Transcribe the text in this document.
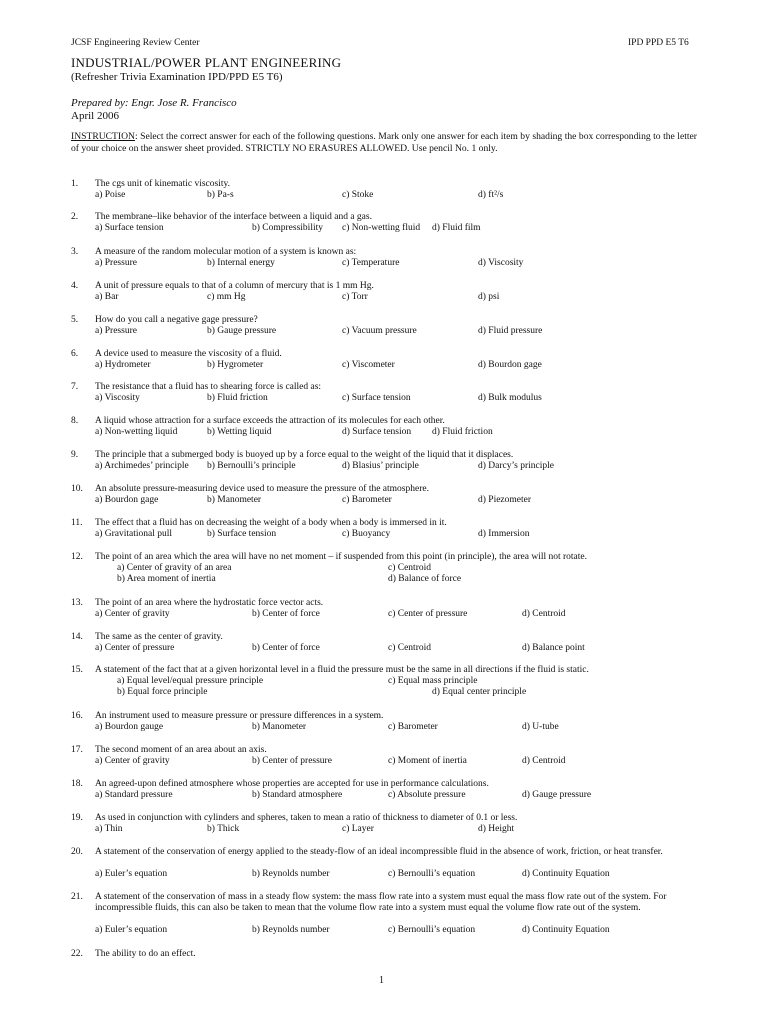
JCSF Engineering Review Center	IPD PPD E5 T6
INDUSTRIAL/POWER PLANT ENGINEERING
(Refresher Trivia Examination IPD/PPD E5 T6)
Prepared by: Engr. Jose R. Francisco
April 2006
INSTRUCTION: Select the correct answer for each of the following questions. Mark only one answer for each item by shading the box corresponding to the letter of your choice on the answer sheet provided. STRICTLY NO ERASURES ALLOWED. Use pencil No. 1 only.
1. The cgs unit of kinematic viscosity.
a) Poise	b) Pa-s	c) Stoke	d) ft²/s
2. The membrane–like behavior of the interface between a liquid and a gas.
a) Surface tension	b) Compressibility c) Non-wetting fluid d) Fluid film
3. A measure of the random molecular motion of a system is known as:
a) Pressure	b) Internal energy	c) Temperature	d) Viscosity
4. A unit of pressure equals to that of a column of mercury that is 1 mm Hg.
a) Bar	c) mm Hg	c) Torr	d) psi
5. How do you call a negative gage pressure?
a) Pressure	b) Gauge pressure	c) Vacuum pressure	d) Fluid pressure
6. A device used to measure the viscosity of a fluid.
a) Hydrometer	b) Hygrometer	c) Viscometer	d) Bourdon gage
7. The resistance that a fluid has to shearing force is called as:
a) Viscosity	b) Fluid friction	c) Surface tension	d) Bulk modulus
8. A liquid whose attraction for a surface exceeds the attraction of its molecules for each other.
a) Non-wetting liquid	b) Wetting liquid	d) Surface tension d) Fluid friction
9. The principle that a submerged body is buoyed up by a force equal to the weight of the liquid that it displaces.
a) Archimedes’ principle b) Bernoulli’s principle	d) Blasius’ principle	d) Darcy’s principle
10. An absolute pressure-measuring device used to measure the pressure of the atmosphere.
a) Bourdon gage	b) Manometer	c) Barometer	d) Piezometer
11. The effect that a fluid has on decreasing the weight of a body when a body is immersed in it.
a) Gravitational pull	b) Surface tension	c) Buoyancy	d) Immersion
12. The point of an area which the area will have no net moment – if suspended from this point (in principle), the area will not rotate.
a) Center of gravity of an area
b) Area moment of inertia
c) Centroid
d) Balance of force
13. The point of an area where the hydrostatic force vector acts.
a) Center of gravity	b) Center of force	c) Center of pressure	d) Centroid
14. The same as the center of gravity.
a) Center of pressure	b) Center of force	c) Centroid	d) Balance point
15. A statement of the fact that at a given horizontal level in a fluid the pressure must be the same in all directions if the fluid is static.
a) Equal level/equal pressure principle
b) Equal force principle
c) Equal mass principle
d) Equal center principle
16. An instrument used to measure pressure or pressure differences in a system.
a) Bourdon gauge	b) Manometer	c) Barometer	d) U-tube
17. The second moment of an area about an axis.
a) Center of gravity	b) Center of pressure	c) Moment of inertia	d) Centroid
18. An agreed-upon defined atmosphere whose properties are accepted for use in performance calculations.
a) Standard pressure	b) Standard atmosphere	c) Absolute pressure	d) Gauge pressure
19. As used in conjunction with cylinders and spheres, taken to mean a ratio of thickness to diameter of 0.1 or less.
a) Thin	b) Thick	c) Layer	d) Height
20. A statement of the conservation of energy applied to the steady-flow of an ideal incompressible fluid in the absence of work, friction, or heat transfer.
a) Euler’s equation	b) Reynolds number	c) Bernoulli’s equation	d) Continuity Equation
21. A statement of the conservation of mass in a steady flow system: the mass flow rate into a system must equal the mass flow rate out of the system. For incompressible fluids, this can also be taken to mean that the volume flow rate into a system must equal the volume flow rate out of the system.
a) Euler’s equation	b) Reynolds number	c) Bernoulli’s equation	d) Continuity Equation
22. The ability to do an effect.
1
